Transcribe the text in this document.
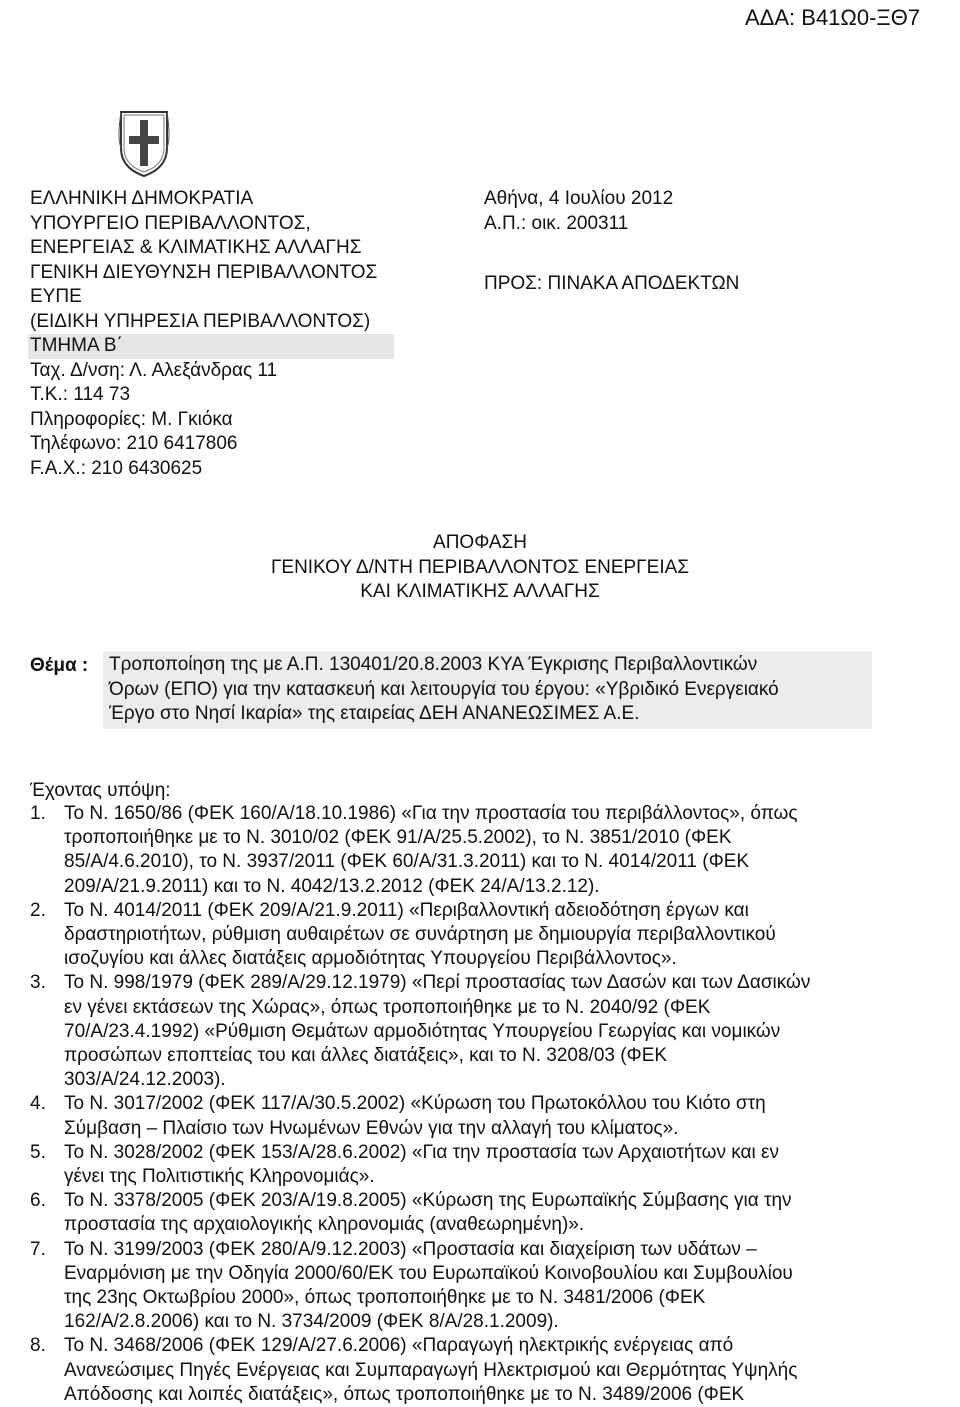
ΑΔΑ: Β41Ω0-ΞΘ7
ΕΛΛΗΝΙΚΗ ΔΗΜΟΚΡΑΤΙΑ
ΥΠΟΥΡΓΕΙΟ ΠΕΡΙΒΑΛΛΟΝΤΟΣ,
ΕΝΕΡΓΕΙΑΣ & ΚΛΙΜΑΤΙΚΗΣ ΑΛΛΑΓΗΣ
ΓΕΝΙΚΗ ΔΙΕΥΘΥΝΣΗ ΠΕΡΙΒΑΛΛΟΝΤΟΣ
ΕΥΠΕ
(ΕΙΔΙΚΗ ΥΠΗΡΕΣΙΑ ΠΕΡΙΒΑΛΛΟΝΤΟΣ)
ΤΜΗΜΑ Β΄
Ταχ. Δ/νση: Λ. Αλεξάνδρας 11
Τ.Κ.: 114 73
Πληροφορίες: Μ. Γκιόκα
Τηλέφωνο: 210 6417806
F.A.X.: 210 6430625
Αθήνα, 4 Ιουλίου 2012
Α.Π.: οικ. 200311
ΠΡΟΣ: ΠΙΝΑΚΑ ΑΠΟΔΕΚΤΩΝ
ΑΠΟΦΑΣΗ
ΓΕΝΙΚΟΥ Δ/ΝΤΗ ΠΕΡΙΒΑΛΛΟΝΤΟΣ ΕΝΕΡΓΕΙΑΣ
ΚΑΙ ΚΛΙΜΑΤΙΚΗΣ ΑΛΛΑΓΗΣ
Θέμα : Τροποποίηση της με Α.Π. 130401/20.8.2003 ΚΥΑ Έγκρισης Περιβαλλοντικών
Όρων (ΕΠΟ) για την κατασκευή και λειτουργία του έργου: «Υβριδικό Ενεργειακό
Έργο στο Νησί Ικαρία» της εταιρείας ΔΕΗ ΑΝΑΝΕΩΣΙΜΕΣ Α.Ε.
Έχοντας υπόψη:
1. Το Ν. 1650/86 (ΦΕΚ 160/Α/18.10.1986) «Για την προστασία του περιβάλλοντος», όπως
τροποποιήθηκε με το Ν. 3010/02 (ΦΕΚ 91/Α/25.5.2002), το Ν. 3851/2010 (ΦΕΚ
85/Α/4.6.2010), το Ν. 3937/2011 (ΦΕΚ 60/Α/31.3.2011) και το Ν. 4014/2011 (ΦΕΚ
209/Α/21.9.2011) και το Ν. 4042/13.2.2012 (ΦΕΚ 24/Α/13.2.12).
2. Το Ν. 4014/2011 (ΦΕΚ 209/Α/21.9.2011) «Περιβαλλοντική αδειοδότηση έργων και
δραστηριοτήτων, ρύθμιση αυθαιρέτων σε συνάρτηση με δημιουργία περιβαλλοντικού
ισοζυγίου και άλλες διατάξεις αρμοδιότητας Υπουργείου Περιβάλλοντος».
3. Το Ν. 998/1979 (ΦΕΚ 289/Α/29.12.1979) «Περί προστασίας των Δασών και των Δασικών
εν γένει εκτάσεων της Χώρας», όπως τροποποιήθηκε με το Ν. 2040/92 (ΦΕΚ
70/Α/23.4.1992) «Ρύθμιση Θεμάτων αρμοδιότητας Υπουργείου Γεωργίας και νομικών
προσώπων εποπτείας του και άλλες διατάξεις», και το Ν. 3208/03 (ΦΕΚ
303/Α/24.12.2003).
4. Το Ν. 3017/2002 (ΦΕΚ 117/Α/30.5.2002) «Κύρωση του Πρωτοκόλλου του Κιότο στη
Σύμβαση – Πλαίσιο των Ηνωμένων Εθνών για την αλλαγή του κλίματος».
5. Το Ν. 3028/2002 (ΦΕΚ 153/Α/28.6.2002) «Για την προστασία των Αρχαιοτήτων και εν
γένει της Πολιτιστικής Κληρονομιάς».
6. Το Ν. 3378/2005 (ΦΕΚ 203/Α/19.8.2005) «Κύρωση της Ευρωπαϊκής Σύμβασης για την
προστασία της αρχαιολογικής κληρονομιάς (αναθεωρημένη)».
7. Το Ν. 3199/2003 (ΦΕΚ 280/Α/9.12.2003) «Προστασία και διαχείριση των υδάτων –
Εναρμόνιση με την Οδηγία 2000/60/ΕΚ του Ευρωπαϊκού Κοινοβουλίου και Συμβουλίου
της 23ης Οκτωβρίου 2000», όπως τροποποιήθηκε με το Ν. 3481/2006 (ΦΕΚ
162/Α/2.8.2006) και το Ν. 3734/2009 (ΦΕΚ 8/Α/28.1.2009).
8. Το Ν. 3468/2006 (ΦΕΚ 129/Α/27.6.2006) «Παραγωγή ηλεκτρικής ενέργειας από
Ανανεώσιμες Πηγές Ενέργειας και Συμπαραγωγή Ηλεκτρισμού και Θερμότητας Υψηλής
Απόδοσης και λοιπές διατάξεις», όπως τροποποιήθηκε με το Ν. 3489/2006 (ΦΕΚ
